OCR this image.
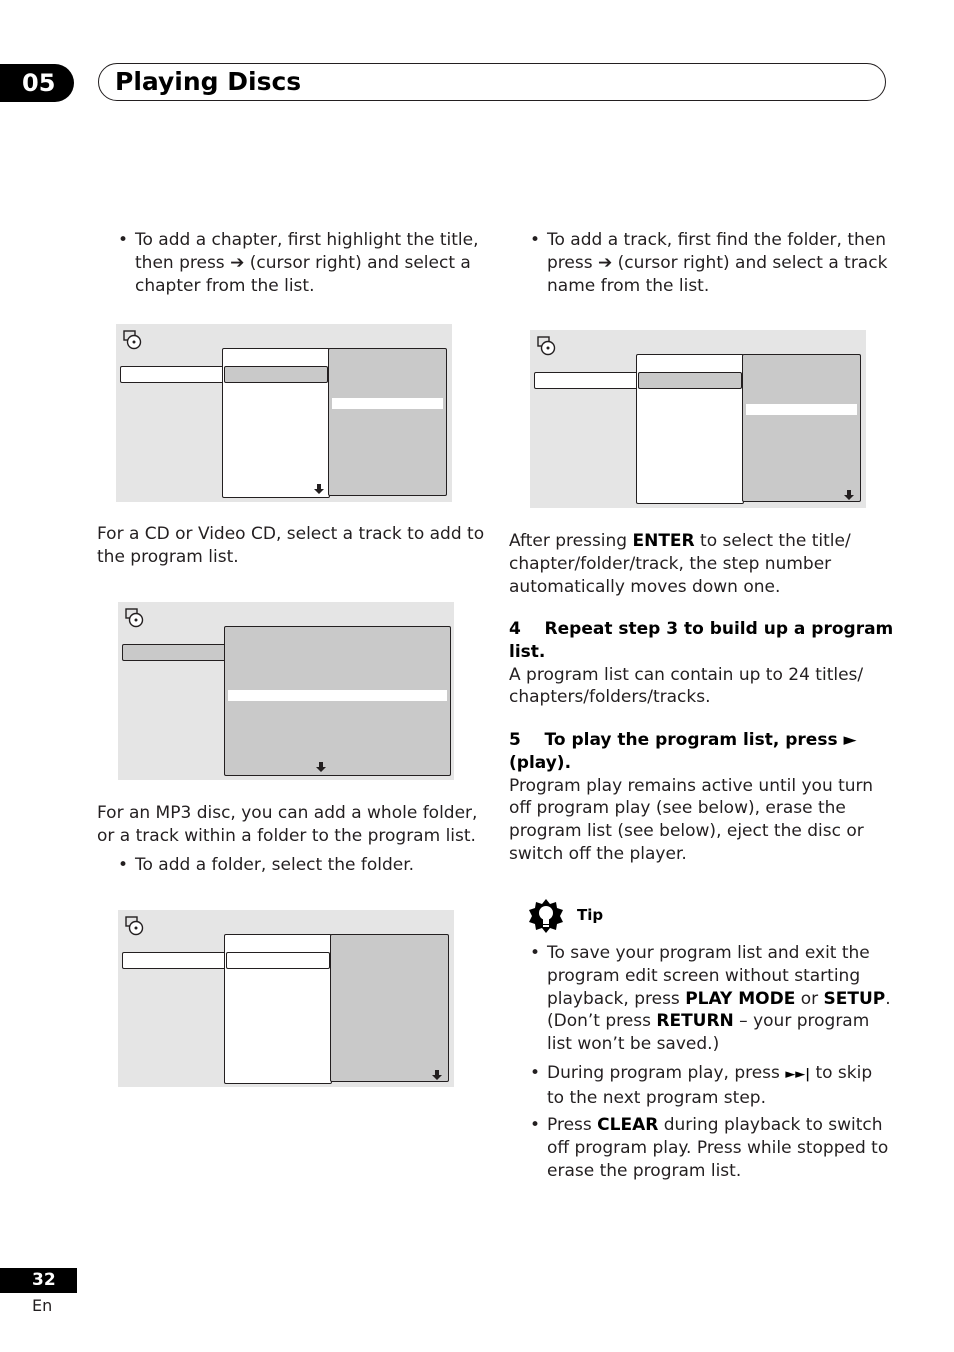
05	Playing Discs
• To add a chapter, first highlight the title,
then press ➔ (cursor right) and select a
chapter from the list.
For a CD or Video CD, select a track to add to
the program list.
For an MP3 disc, you can add a whole folder,
or a track within a folder to the program list.
• To add a folder, select the folder.
• To add a track, first find the folder, then
press ➔ (cursor right) and select a track
name from the list.
After pressing ENTER to select the title/
chapter/folder/track, the step number
automatically moves down one.
4 Repeat step 3 to build up a program
list.
A program list can contain up to 24 titles/
chapters/folders/tracks.
5 To play the program list, press ►
(play).
Program play remains active until you turn
off program play (see below), erase the
program list (see below), eject the disc or
switch off the player.
Tip
• To save your program list and exit the
program edit screen without starting
playback, press PLAY MODE or SETUP.
(Don’t press RETURN – your program
list won’t be saved.)
• During program play, press ►►| to skip
to the next program step.
• Press CLEAR during playback to switch
off program play. Press while stopped to
erase the program list.
32
En
